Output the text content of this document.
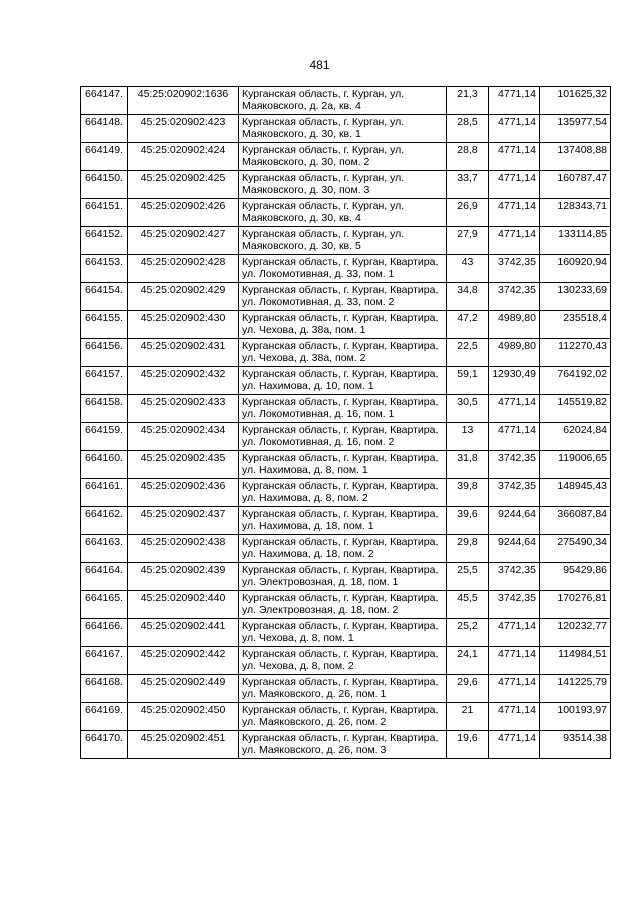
481
664147.	45:25:020902:1636	Курганская область, г. Курган, ул. Маяковского, д. 2а, кв. 4	21,3	4771,14	101625,32
664148.	45:25:020902:423	Курганская область, г. Курган, ул. Маяковского, д. 30, кв. 1	28,5	4771,14	135977,54
664149.	45:25:020902:424	Курганская область, г. Курган, ул. Маяковского, д. 30, пом. 2	28,8	4771,14	137408,88
664150.	45:25:020902:425	Курганская область, г. Курган, ул. Маяковского, д. 30, пом. 3	33,7	4771,14	160787,47
664151.	45:25:020902:426	Курганская область, г. Курган, ул. Маяковского, д. 30, кв. 4	26,9	4771,14	128343,71
664152.	45:25:020902:427	Курганская область, г. Курган, ул. Маяковского, д. 30, кв. 5	27,9	4771,14	133114,85
664153.	45:25:020902:428	Курганская область, г. Курган, Квартира, ул. Локомотивная, д. 33, пом. 1	43	3742,35	160920,94
664154.	45:25:020902:429	Курганская область, г. Курган, Квартира, ул. Локомотивная, д. 33, пом. 2	34,8	3742,35	130233,69
664155.	45:25:020902:430	Курганская область, г. Курган, Квартира, ул. Чехова, д. 38а, пом. 1	47,2	4989,80	235518,4
664156.	45:25:020902:431	Курганская область, г. Курган, Квартира, ул. Чехова, д. 38а, пом. 2	22,5	4989,80	112270,43
664157.	45:25:020902:432	Курганская область, г. Курган, Квартира, ул. Нахимова, д. 10, пом. 1	59,1	12930,49	764192,02
664158.	45:25:020902:433	Курганская область, г. Курган, Квартира, ул. Локомотивная, д. 16, пом. 1	30,5	4771,14	145519,82
664159.	45:25:020902:434	Курганская область, г. Курган, Квартира, ул. Локомотивная, д. 16, пом. 2	13	4771,14	62024,84
664160.	45:25:020902:435	Курганская область, г. Курган, Квартира, ул. Нахимова, д. 8, пом. 1	31,8	3742,35	119006,65
664161.	45:25:020902:436	Курганская область, г. Курган, Квартира, ул. Нахимова, д. 8, пом. 2	39,8	3742,35	148945,43
664162.	45:25:020902:437	Курганская область, г. Курган, Квартира, ул. Нахимова, д. 18, пом. 1	39,6	9244,64	366087,84
664163.	45:25:020902:438	Курганская область, г. Курган, Квартира, ул. Нахимова, д. 18, пом. 2	29,8	9244,64	275490,34
664164.	45:25:020902:439	Курганская область, г. Курган, Квартира, ул. Электровозная, д. 18, пом. 1	25,5	3742,35	95429,86
664165.	45:25:020902:440	Курганская область, г. Курган, Квартира, ул. Электровозная, д. 18, пом. 2	45,5	3742,35	170276,81
664166.	45:25:020902:441	Курганская область, г. Курган, Квартира, ул. Чехова, д. 8, пом. 1	25,2	4771,14	120232,77
664167.	45:25:020902:442	Курганская область, г. Курган, Квартира, ул. Чехова, д. 8, пом. 2	24,1	4771,14	114984,51
664168.	45:25:020902:449	Курганская область, г. Курган, Квартира, ул. Маяковского, д. 26, пом. 1	29,6	4771,14	141225,79
664169.	45:25:020902:450	Курганская область, г. Курган, Квартира, ул. Маяковского, д. 26, пом. 2	21	4771,14	100193,97
664170.	45:25:020902:451	Курганская область, г. Курган, Квартира, ул. Маяковского, д. 26, пом. 3	19,6	4771,14	93514,38
